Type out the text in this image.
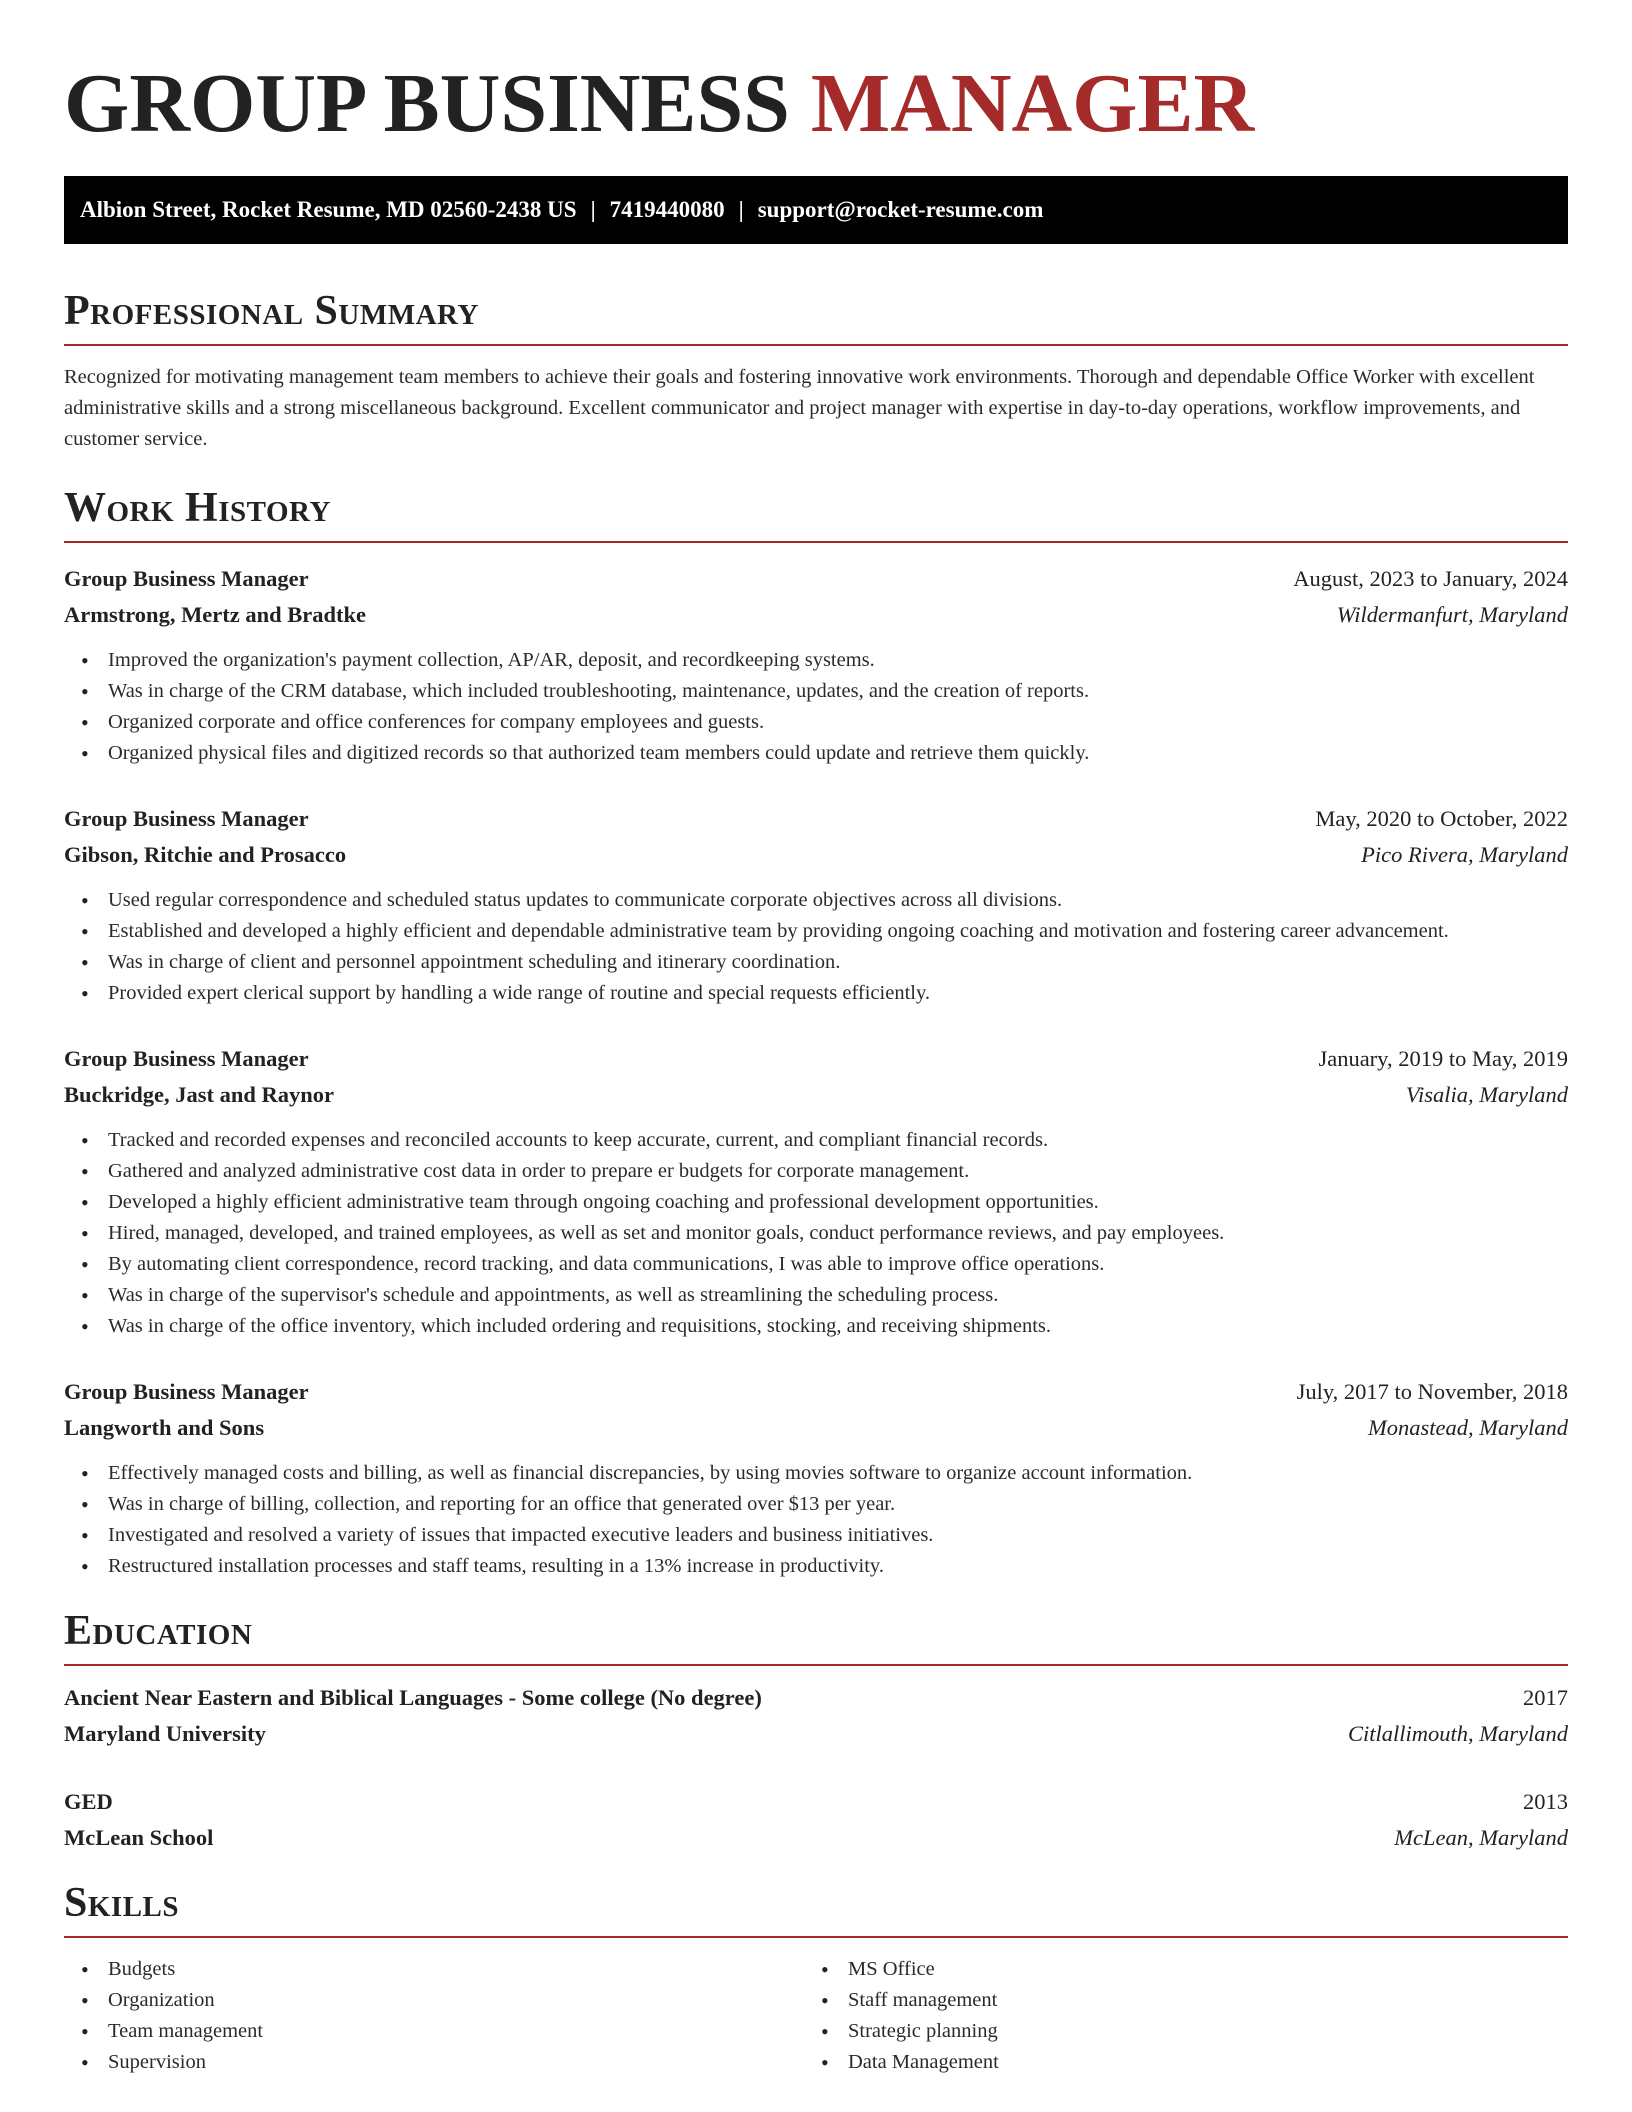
GROUP BUSINESS MANAGER
Albion Street, Rocket Resume, MD 02560-2438 US | 7419440080 | support@rocket-resume.com
Professional Summary

Recognized for motivating management team members to achieve their goals and fostering innovative work environments. Thorough and dependable Office Worker with excellent administrative skills and a strong miscellaneous background. Excellent communicator and project manager with expertise in day-to-day operations, workflow improvements, and customer service.

Work History
Group Business Manager	August, 2023 to January, 2024
Armstrong, Mertz and Bradtke	Wildermanfurt, Maryland
• Improved the organization's payment collection, AP/AR, deposit, and recordkeeping systems.
• Was in charge of the CRM database, which included troubleshooting, maintenance, updates, and the creation of reports.
• Organized corporate and office conferences for company employees and guests.
• Organized physical files and digitized records so that authorized team members could update and retrieve them quickly.
Group Business Manager	May, 2020 to October, 2022
Gibson, Ritchie and Prosacco	Pico Rivera, Maryland
• Used regular correspondence and scheduled status updates to communicate corporate objectives across all divisions.
• Established and developed a highly efficient and dependable administrative team by providing ongoing coaching and motivation and fostering career advancement.
• Was in charge of client and personnel appointment scheduling and itinerary coordination.
• Provided expert clerical support by handling a wide range of routine and special requests efficiently.
Group Business Manager	January, 2019 to May, 2019
Buckridge, Jast and Raynor	Visalia, Maryland
• Tracked and recorded expenses and reconciled accounts to keep accurate, current, and compliant financial records.
• Gathered and analyzed administrative cost data in order to prepare er budgets for corporate management.
• Developed a highly efficient administrative team through ongoing coaching and professional development opportunities.
• Hired, managed, developed, and trained employees, as well as set and monitor goals, conduct performance reviews, and pay employees.
• By automating client correspondence, record tracking, and data communications, I was able to improve office operations.
• Was in charge of the supervisor's schedule and appointments, as well as streamlining the scheduling process.
• Was in charge of the office inventory, which included ordering and requisitions, stocking, and receiving shipments.
Group Business Manager	July, 2017 to November, 2018
Langworth and Sons	Monastead, Maryland
• Effectively managed costs and billing, as well as financial discrepancies, by using movies software to organize account information.
• Was in charge of billing, collection, and reporting for an office that generated over $13 per year.
• Investigated and resolved a variety of issues that impacted executive leaders and business initiatives.
• Restructured installation processes and staff teams, resulting in a 13% increase in productivity.
Education
Ancient Near Eastern and Biblical Languages - Some college (No degree)	2017
Maryland University	Citlallimouth, Maryland
GED	2013
McLean School	McLean, Maryland
Skills
• Budgets
• Organization
• Team management
• Supervision
• MS Office
• Staff management
• Strategic planning
• Data Management
